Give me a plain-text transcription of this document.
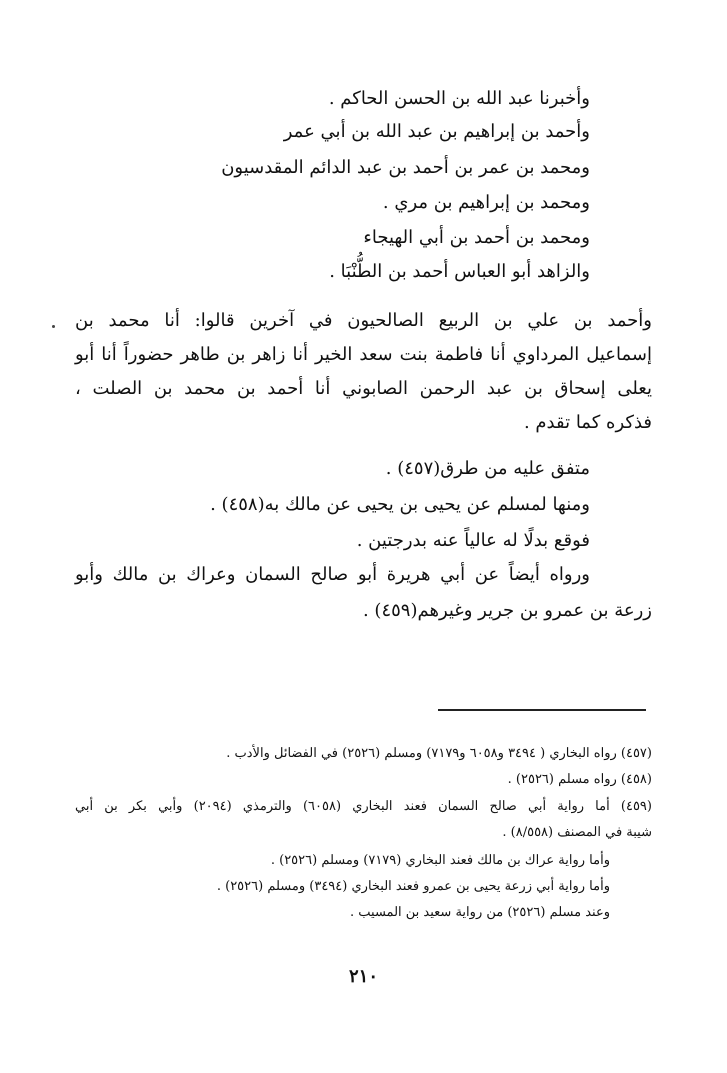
وأخبرنا عبد الله بن الحسن الحاكم .
وأحمد بن إبراهيم بن عبد الله بن أبي عمر
ومحمد بن عمر بن أحمد بن عبد الدائم المقدسيون
ومحمد بن إبراهيم بن مري .
ومحمد بن أحمد بن أبي الهيجاء
والزاهد أبو العباس أحمد بن الطُّنْبَا .
وأحمد بن علي بن الربيع الصالحيون في آخرين قالوا: أنا محمد بن
إسماعيل المرداوي أنا فاطمة بنت سعد الخير أنا زاهر بن طاهر حضوراً أنا أبو
يعلى إسحاق بن عبد الرحمن الصابوني أنا أحمد بن محمد بن الصلت ،
فذكره كما تقدم .
متفق عليه من طرق(٤٥٧) .
ومنها لمسلم عن يحيى بن يحيى عن مالك به(٤٥٨) .
فوقع بدلًا له عالياً عنه بدرجتين .
ورواه أيضاً عن أبي هريرة أبو صالح السمان وعراك بن مالك وأبو
زرعة بن عمرو بن جرير وغيرهم(٤٥٩) .
(٤٥٧) رواه البخاري ( ٣٤٩٤ و٦٠٥٨ و٧١٧٩) ومسلم (٢٥٢٦) في الفضائل والأدب .
(٤٥٨) رواه مسلم (٢٥٢٦) .
(٤٥٩) أما رواية أبي صالح السمان فعند البخاري (٦٠٥٨) والترمذي (٢٠٩٤) وأبي بكر بن أبي
شيبة في المصنف (٨/٥٥٨) .
وأما رواية عراك بن مالك فعند البخاري (٧١٧٩) ومسلم (٢٥٢٦) .
وأما رواية أبي زرعة يحيى بن عمرو فعند البخاري (٣٤٩٤) ومسلم (٢٥٢٦) .
وعند مسلم (٢٥٢٦) من رواية سعيد بن المسيب .
٢١٠
